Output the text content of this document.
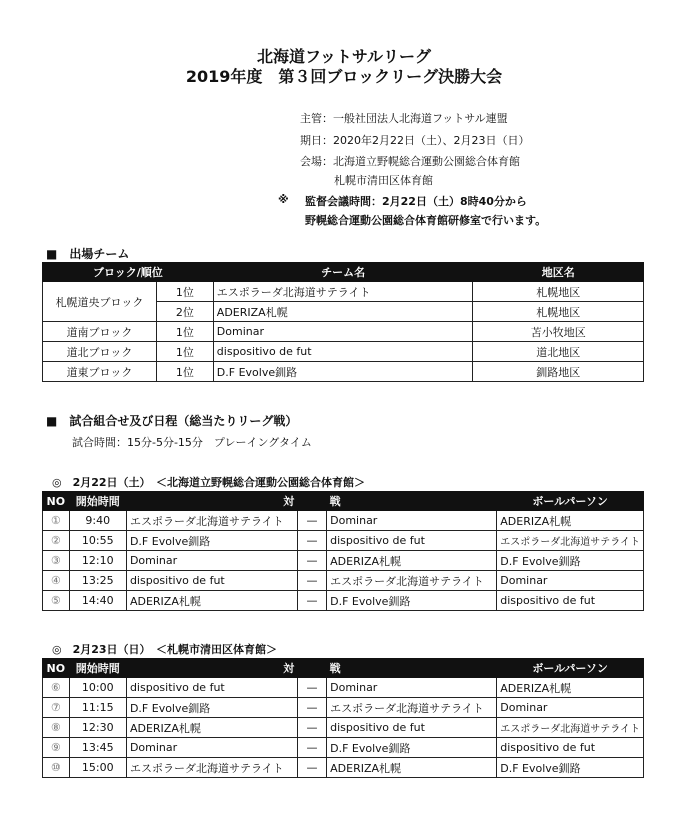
北海道フットサルリーグ
2019年度　第３回ブロックリーグ決勝大会
主管：一般社団法人北海道フットサル連盟
期日：2020年2月22日（土）、2月23日（日）
会場：北海道立野幌総合運動公園総合体育館
札幌市清田区体育館
※ 監督会議時間：2月22日（土）8時40分から
野幌総合運動公園総合体育館研修室で行います。
■　出場チーム
ブロック/順位		チーム名	地区名
札幌道央ブロック	1位	エスポラーダ北海道サテライト	札幌地区
	2位	ADERIZA札幌	札幌地区
道南ブロック	1位	Dominar	苫小牧地区
道北ブロック	1位	dispositivo de fut	道北地区
道東ブロック	1位	D.F Evolve釧路	釧路地区
■　試合組合せ及び日程（総当たりリーグ戦）
試合時間：15分-5分-15分　プレーイングタイム
◎　2月22日（土）　＜北海道立野幌総合運動公園総合体育館＞
NO	開始時間	対		戦	ボールパーソン
①	9:40	エスポラーダ北海道サテライト	—	Dominar	ADERIZA札幌
②	10:55	D.F Evolve釧路	—	dispositivo de fut	エスポラーダ北海道サテライト
③	12:10	Dominar	—	ADERIZA札幌	D.F Evolve釧路
④	13:25	dispositivo de fut	—	エスポラーダ北海道サテライト	Dominar
⑤	14:40	ADERIZA札幌	—	D.F Evolve釧路	dispositivo de fut
◎　2月23日（日）　＜札幌市清田区体育館＞
NO	開始時間	対		戦	ボールパーソン
⑥	10:00	dispositivo de fut	—	Dominar	ADERIZA札幌
⑦	11:15	D.F Evolve釧路	—	エスポラーダ北海道サテライト	Dominar
⑧	12:30	ADERIZA札幌	—	dispositivo de fut	エスポラーダ北海道サテライト
⑨	13:45	Dominar	—	D.F Evolve釧路	dispositivo de fut
⑩	15:00	エスポラーダ北海道サテライト	—	ADERIZA札幌	D.F Evolve釧路
